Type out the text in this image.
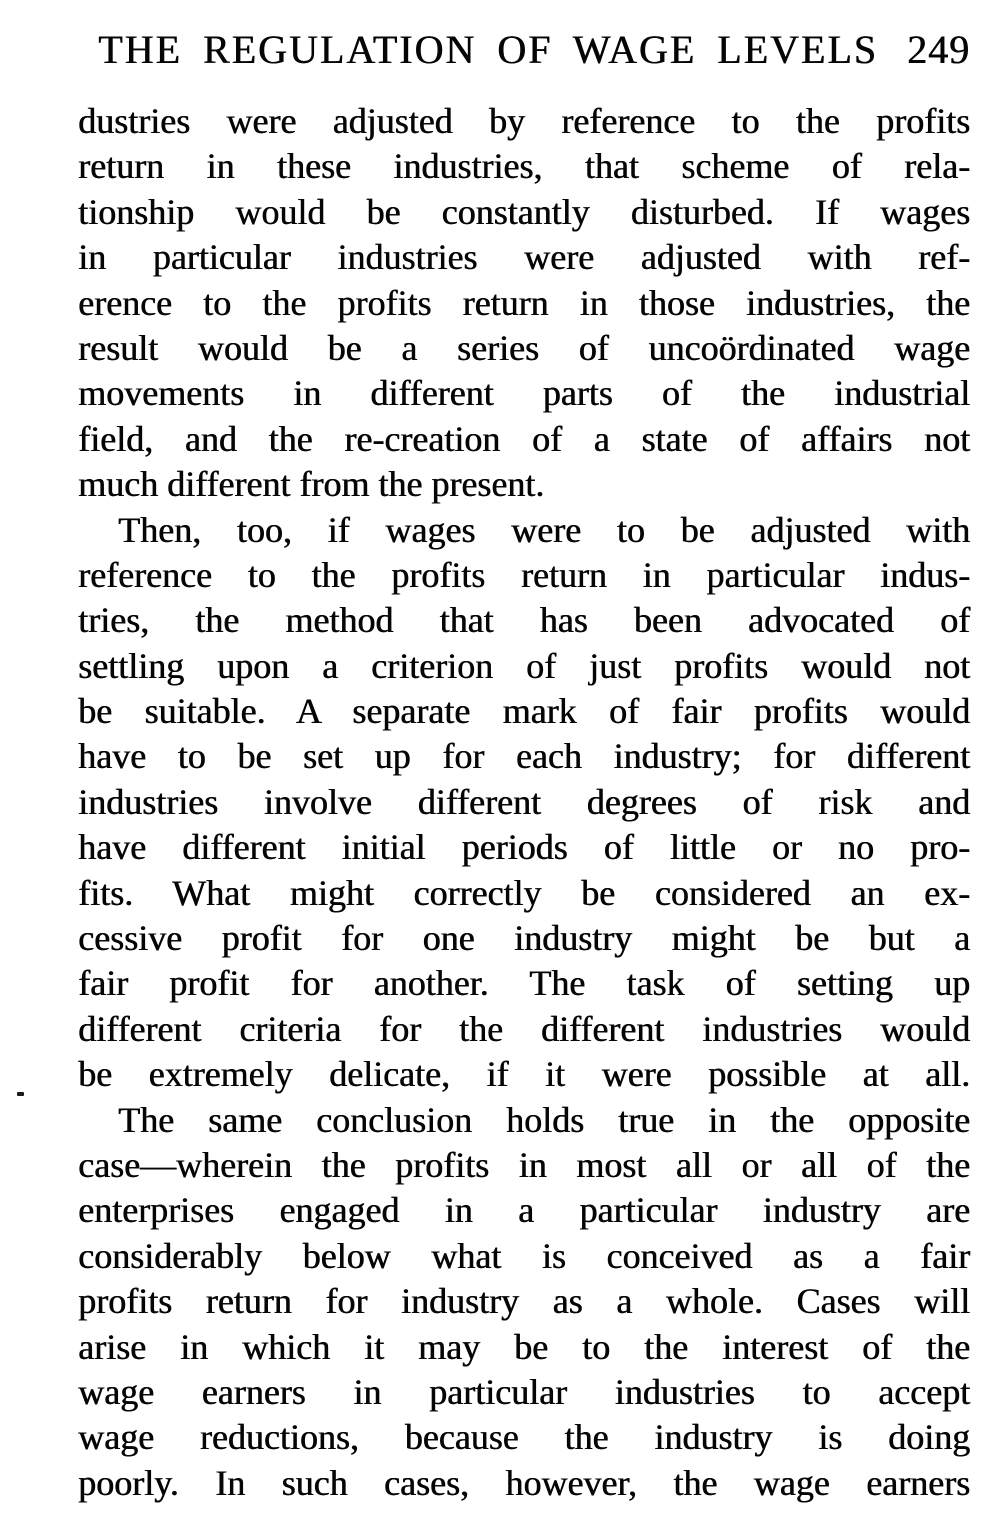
THE REGULATION OF WAGE LEVELS 249
dustries were adjusted by reference to the profits
return in these industries, that scheme of rela-
tionship would be constantly disturbed. If wages
in particular industries were adjusted with ref-
erence to the profits return in those industries, the
result would be a series of uncoördinated wage
movements in different parts of the industrial
field, and the re-creation of a state of affairs not
much different from the present.
Then, too, if wages were to be adjusted with
reference to the profits return in particular indus-
tries, the method that has been advocated of
settling upon a criterion of just profits would not
be suitable. A separate mark of fair profits would
have to be set up for each industry; for different
industries involve different degrees of risk and
have different initial periods of little or no pro-
fits. What might correctly be considered an ex-
cessive profit for one industry might be but a
fair profit for another. The task of setting up
different criteria for the different industries would
be extremely delicate, if it were possible at all.
The same conclusion holds true in the opposite
case—wherein the profits in most all or all of the
enterprises engaged in a particular industry are
considerably below what is conceived as a fair
profits return for industry as a whole. Cases will
arise in which it may be to the interest of the
wage earners in particular industries to accept
wage reductions, because the industry is doing
poorly. In such cases, however, the wage earners
